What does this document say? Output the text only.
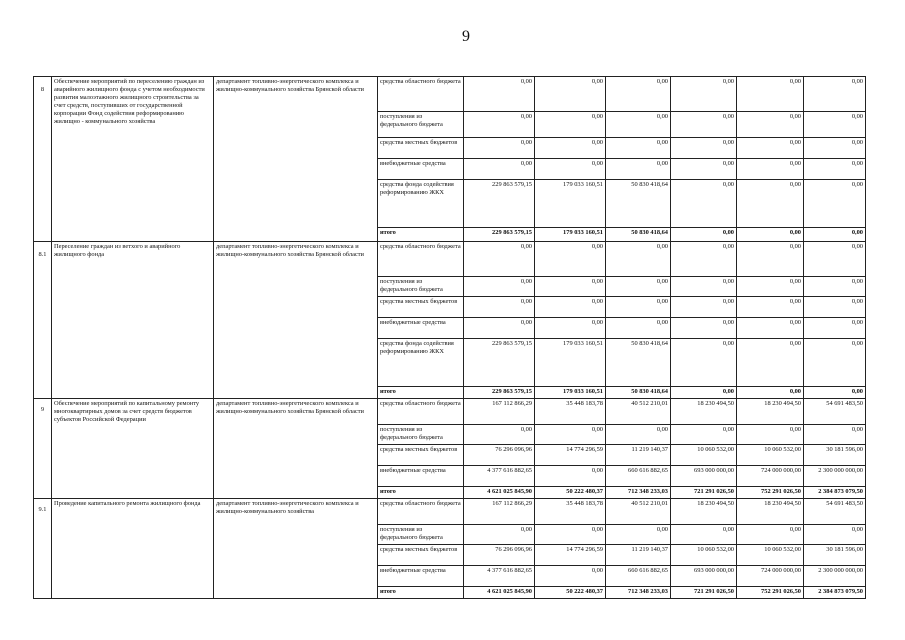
9
8	Обеспечение мероприятий по переселению граждан из аварийного жилищного фонда с учетом необходимости развития малоэтажного жилищного строительства за счет средств, поступивших от государственной корпорации Фонд содействия реформированию жилищно - коммунального хозяйства	департамент топливно-энергетического комплекса и жилищно-коммунального хозяйства Брянской области	средства областного бюджета	0,00	0,00	0,00	0,00	0,00	0,00
			поступления из федерального бюджета	0,00	0,00	0,00	0,00	0,00	0,00
			средства местных бюджетов	0,00	0,00	0,00	0,00	0,00	0,00
			внебюджетные средства	0,00	0,00	0,00	0,00	0,00	0,00
			средства фонда содействия реформированию ЖКХ	229 863 579,15	179 033 160,51	50 830 418,64	0,00	0,00	0,00
			итого	229 863 579,15	179 033 160,51	50 830 418,64	0,00	0,00	0,00

8.1	Переселение граждан из ветхого и аварийного жилищного фонда	департамент топливно-энергетического комплекса и жилищно-коммунального хозяйства Брянской области	средства областного бюджета	0,00	0,00	0,00	0,00	0,00	0,00
			поступления из федерального бюджета	0,00	0,00	0,00	0,00	0,00	0,00
			средства местных бюджетов	0,00	0,00	0,00	0,00	0,00	0,00
			внебюджетные средства	0,00	0,00	0,00	0,00	0,00	0,00
			средства фонда содействия реформированию ЖКХ	229 863 579,15	179 033 160,51	50 830 418,64	0,00	0,00	0,00
			итого	229 863 579,15	179 033 160,51	50 830 418,64	0,00	0,00	0,00

9	Обеспечение мероприятий по капитальному ремонту многоквартирных домов за счет средств бюджетов субъектов Российской Федерации	департамент топливно-энергетического комплекса и жилищно-коммунального хозяйства Брянской области	средства областного бюджета	167 112 866,29	35 448 183,78	40 512 210,01	18 230 494,50	18 230 494,50	54 691 483,50
			поступления из федерального бюджета	0,00	0,00	0,00	0,00	0,00	0,00
			средства местных бюджетов	76 296 096,96	14 774 296,59	11 219 140,37	10 060 532,00	10 060 532,00	30 181 596,00
			внебюджетные средства	4 377 616 882,65	0,00	660 616 882,65	693 000 000,00	724 000 000,00	2 300 000 000,00
			итого	4 621 025 845,90	50 222 480,37	712 348 233,03	721 291 026,50	752 291 026,50	2 384 873 079,50

9.1	Проведение капитального ремонта жилищного фонда	департамент топливно-энергетического комплекса и жилищно-коммунального хозяйства	средства областного бюджета	167 112 866,29	35 448 183,78	40 512 210,01	18 230 494,50	18 230 494,50	54 691 483,50
			поступления из федерального бюджета	0,00	0,00	0,00	0,00	0,00	0,00
			средства местных бюджетов	76 296 096,96	14 774 296,59	11 219 140,37	10 060 532,00	10 060 532,00	30 181 596,00
			внебюджетные средства	4 377 616 882,65	0,00	660 616 882,65	693 000 000,00	724 000 000,00	2 300 000 000,00
			итого	4 621 025 845,90	50 222 480,37	712 348 233,03	721 291 026,50	752 291 026,50	2 384 873 079,50
